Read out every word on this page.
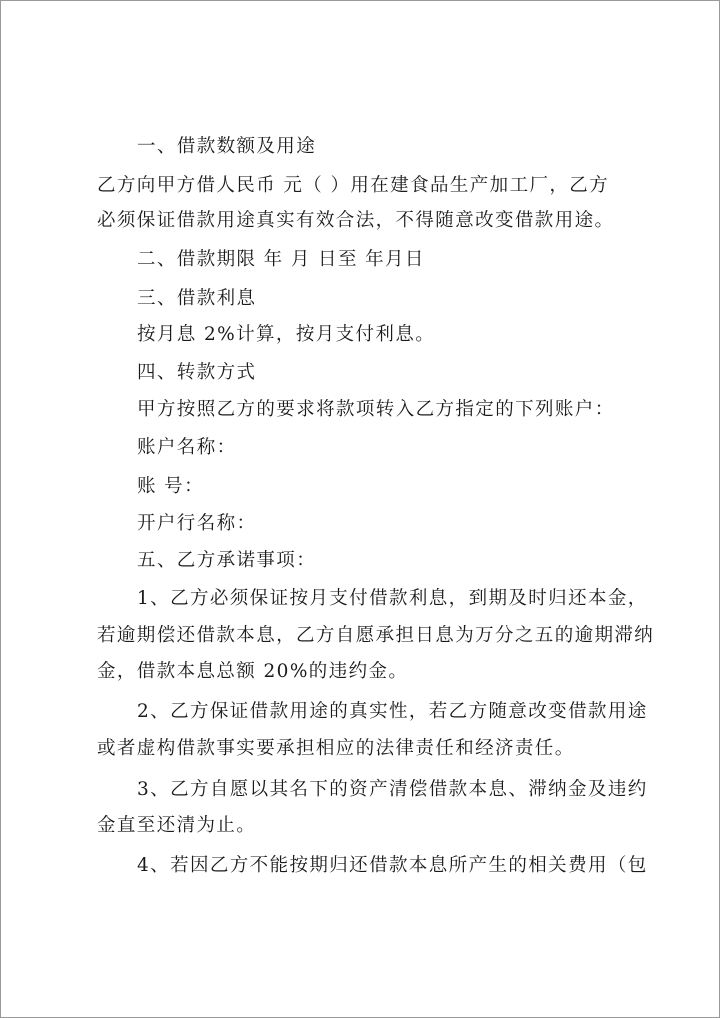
一、借款数额及用途
乙方向甲方借人民币 元（ ）用在建食品生产加工厂，乙方
必须保证借款用途真实有效合法，不得随意改变借款用途。
二、借款期限 年 月 日至 年月日
三、借款利息
按月息 2%计算，按月支付利息。
四、转款方式
甲方按照乙方的要求将款项转入乙方指定的下列账户：
账户名称：
账 号：
开户行名称：
五、乙方承诺事项：
1、乙方必须保证按月支付借款利息，到期及时归还本金，
若逾期偿还借款本息，乙方自愿承担日息为万分之五的逾期滞纳
金，借款本息总额 20%的违约金。
2、乙方保证借款用途的真实性，若乙方随意改变借款用途
或者虚构借款事实要承担相应的法律责任和经济责任。
3、乙方自愿以其名下的资产清偿借款本息、滞纳金及违约
金直至还清为止。
4、若因乙方不能按期归还借款本息所产生的相关费用（包
